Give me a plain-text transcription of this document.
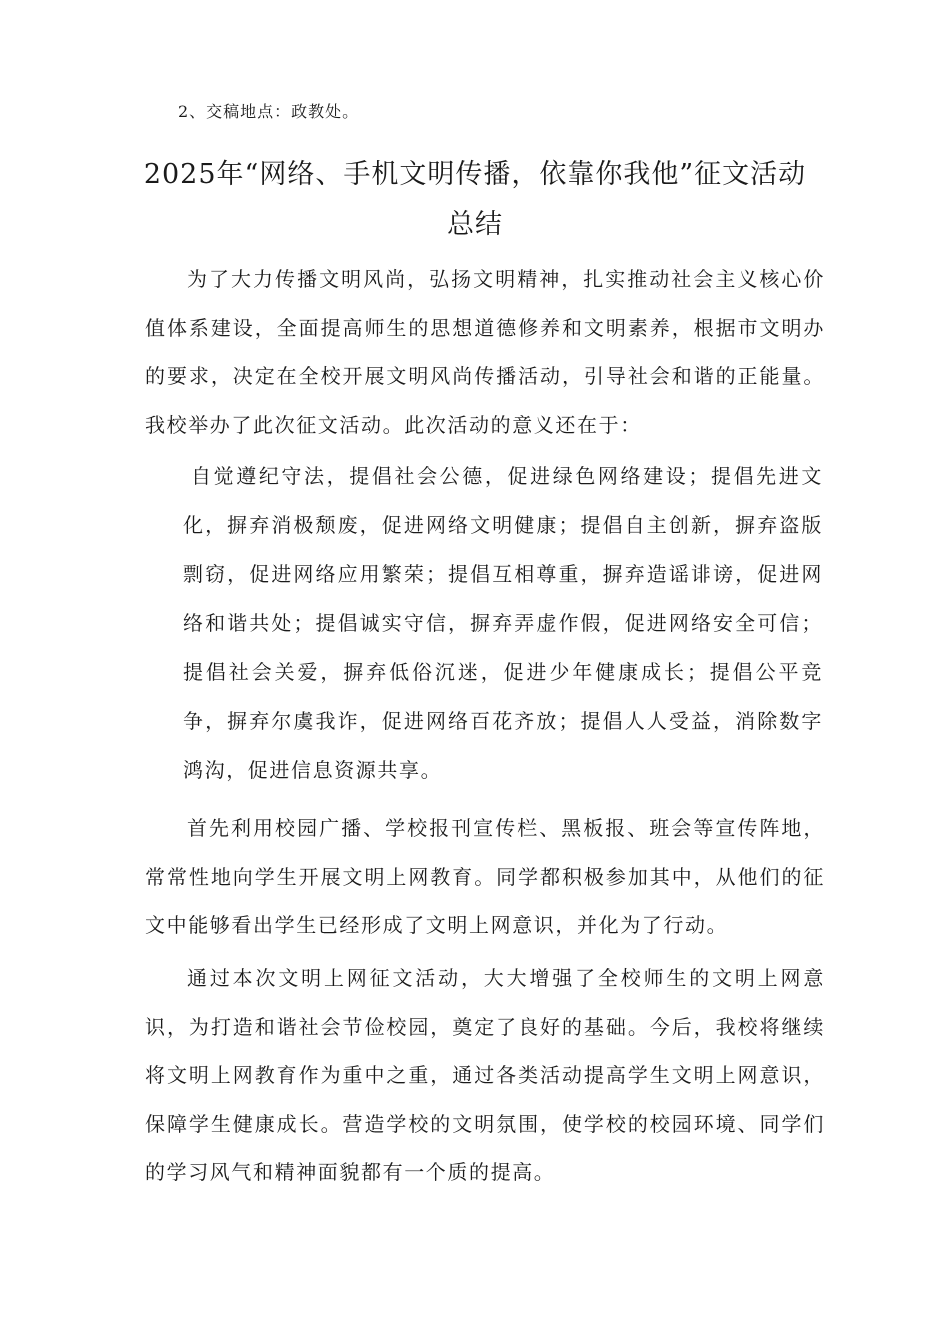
2、交稿地点：政教处。
2025年“网络、手机文明传播，依靠你我他”征文活动
总结

为了大力传播文明风尚，弘扬文明精神，扎实推动社会主义核心价值体系建设，全面提高师生的思想道德修养和文明素养，根据市文明办的要求，决定在全校开展文明风尚传播活动，引导社会和谐的正能量。我校举办了此次征文活动。此次活动的意义还在于：

自觉遵纪守法，提倡社会公德，促进绿色网络建设；提倡先进文化，摒弃消极颓废，促进网络文明健康；提倡自主创新，摒弃盗版剽窃，促进网络应用繁荣；提倡互相尊重，摒弃造谣诽谤，促进网络和谐共处；提倡诚实守信，摒弃弄虚作假，促进网络安全可信；提倡社会关爱，摒弃低俗沉迷，促进少年健康成长；提倡公平竞争，摒弃尔虞我诈，促进网络百花齐放；提倡人人受益，消除数字鸿沟，促进信息资源共享。

首先利用校园广播、学校报刊宣传栏、黑板报、班会等宣传阵地，常常性地向学生开展文明上网教育。同学都积极参加其中，从他们的征文中能够看出学生已经形成了文明上网意识，并化为了行动。

通过本次文明上网征文活动，大大增强了全校师生的文明上网意识，为打造和谐社会节俭校园，奠定了良好的基础。今后，我校将继续将文明上网教育作为重中之重，通过各类活动提高学生文明上网意识，保障学生健康成长。营造学校的文明氛围，使学校的校园环境、同学们的学习风气和精神面貌都有一个质的提高。
